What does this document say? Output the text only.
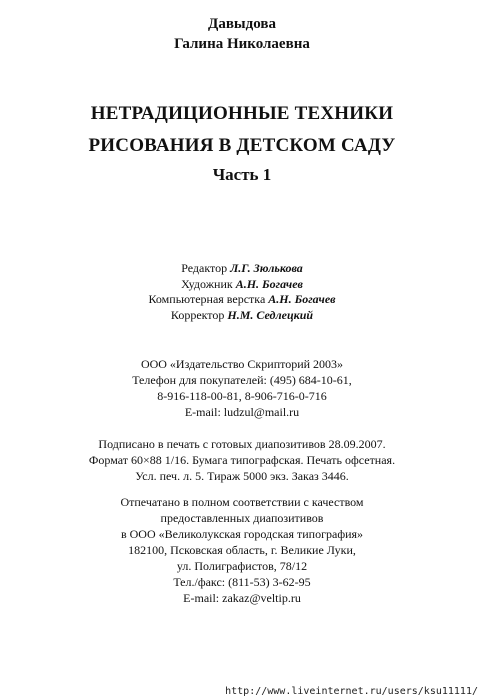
Давыдова
Галина Николаевна
НЕТРАДИЦИОННЫЕ ТЕХНИКИ
РИСОВАНИЯ В ДЕТСКОМ САДУ
Часть 1
Редактор Л.Г. Зюлькова
Художник А.Н. Богачев
Компьютерная верстка А.Н. Богачев
Корректор Н.М. Седлецкий
ООО «Издательство Скрипторий 2003»
Телефон для покупателей: (495) 684-10-61,
8-916-118-00-81, 8-906-716-0-716
E-mail: ludzul@mail.ru
Подписано в печать с готовых диапозитивов 28.09.2007.
Формат 60×88 1/16. Бумага типографская. Печать офсетная.
Усл. печ. л. 5. Тираж 5000 экз. Заказ 3446.
Отпечатано в полном соответствии с качеством
предоставленных диапозитивов
в ООО «Великолукская городская типография»
182100, Псковская область, г. Великие Луки,
ул. Полиграфистов, 78/12
Тел./факс: (811-53) 3-62-95
E-mail: zakaz@veltip.ru
http://www.liveinternet.ru/users/ksu11111/
